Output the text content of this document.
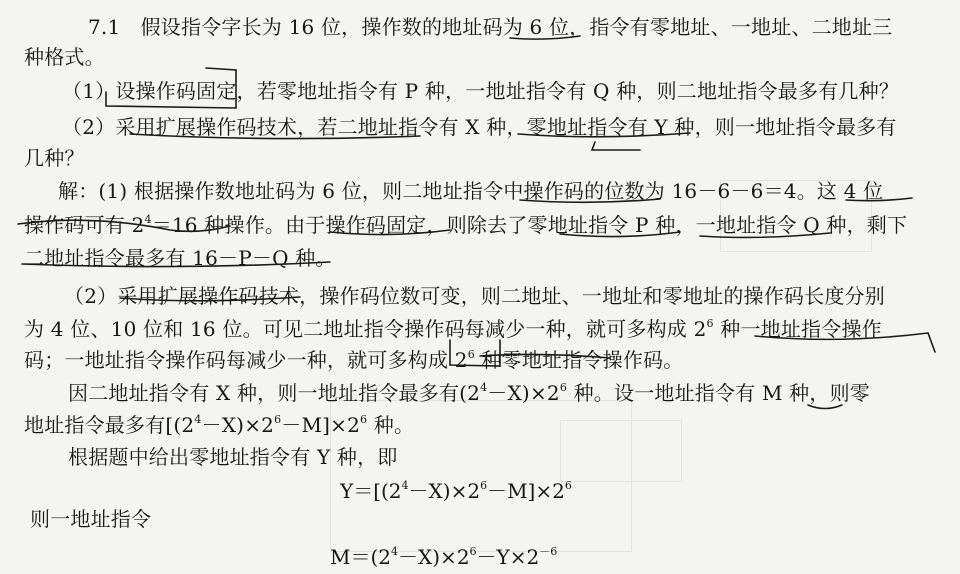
7.1　假设指令字长为 16 位，操作数的地址码为 6 位，指令有零地址、一地址、二地址三
种格式。
（1）设操作码固定，若零地址指令有 P 种，一地址指令有 Q 种，则二地址指令最多有几种？
（2）采用扩展操作码技术，若二地址指令有 X 种，零地址指令有 Y 种，则一地址指令最多有
几种？
解：(1) 根据操作数地址码为 6 位，则二地址指令中操作码的位数为 16－6－6＝4。这 4 位
操作码可有 $2^4=16$ 种操作。由于操作码固定，则除去了零地址指令 P 种，一地址指令 Q 种，剩下
二地址指令最多有 16－P－Q 种。
（2）采用扩展操作码技术，操作码位数可变，则二地址、一地址和零地址的操作码长度分别
为 4 位、10 位和 16 位。可见二地址指令操作码每减少一种，就可多构成 $2^6$ 种一地址指令操作
码；一地址指令操作码每减少一种，就可多构成 $2^6$ 种零地址指令操作码。
因二地址指令有 X 种，则一地址指令最多有$(2^4-X)\times 2^6$ 种。设一地址指令有 M 种，则零
地址指令最多有$[(2^4-X)\times 2^6-M]\times 2^6$ 种。
根据题中给出零地址指令有 Y 种，即
$Y=[(2^4-X)\times 2^6-M]\times 2^6$
则一地址指令
$M=(2^4-X)\times 2^6-Y\times 2^{-6}$
